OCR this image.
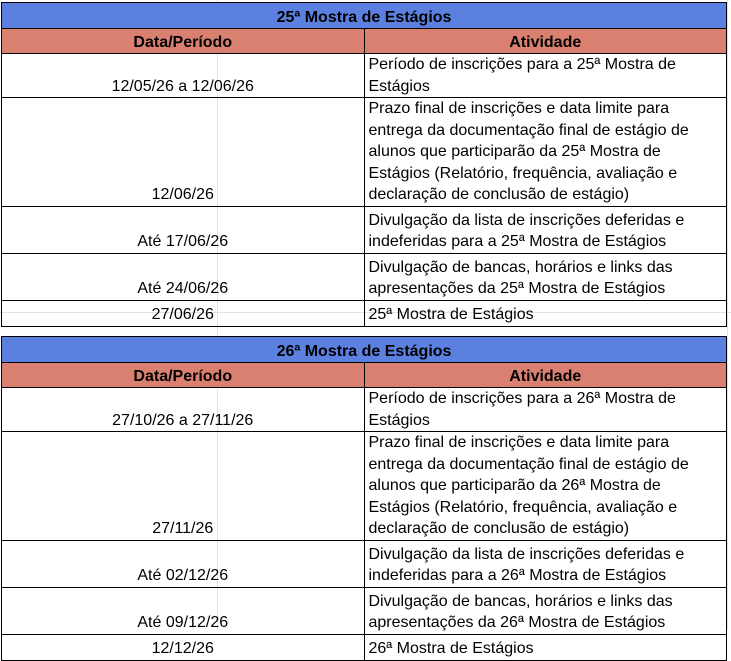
25ª Mostra de Estágios	
Data/Período	Atividade
12/05/26 a 12/06/26	Período de inscrições para a 25ª Mostra de Estágios
12/06/26	Prazo final de inscrições e data limite para entrega da documentação final de estágio de alunos que participarão da 25ª Mostra de Estágios (Relatório, frequência, avaliação e declaração de conclusão de estágio)
Até 17/06/26	Divulgação da lista de inscrições deferidas e indeferidas para a 25ª Mostra de Estágios
Até 24/06/26	Divulgação de bancas, horários e links das apresentações da 25ª Mostra de Estágios
27/06/26	25ª Mostra de Estágios
26ª Mostra de Estágios	
Data/Período	Atividade
27/10/26 a 27/11/26	Período de inscrições para a 26ª Mostra de Estágios
27/11/26	Prazo final de inscrições e data limite para entrega da documentação final de estágio de alunos que participarão da 26ª Mostra de Estágios (Relatório, frequência, avaliação e declaração de conclusão de estágio)
Até 02/12/26	Divulgação da lista de inscrições deferidas e indeferidas para a 26ª Mostra de Estágios
Até 09/12/26	Divulgação de bancas, horários e links das apresentações da 26ª Mostra de Estágios
12/12/26	26ª Mostra de Estágios
